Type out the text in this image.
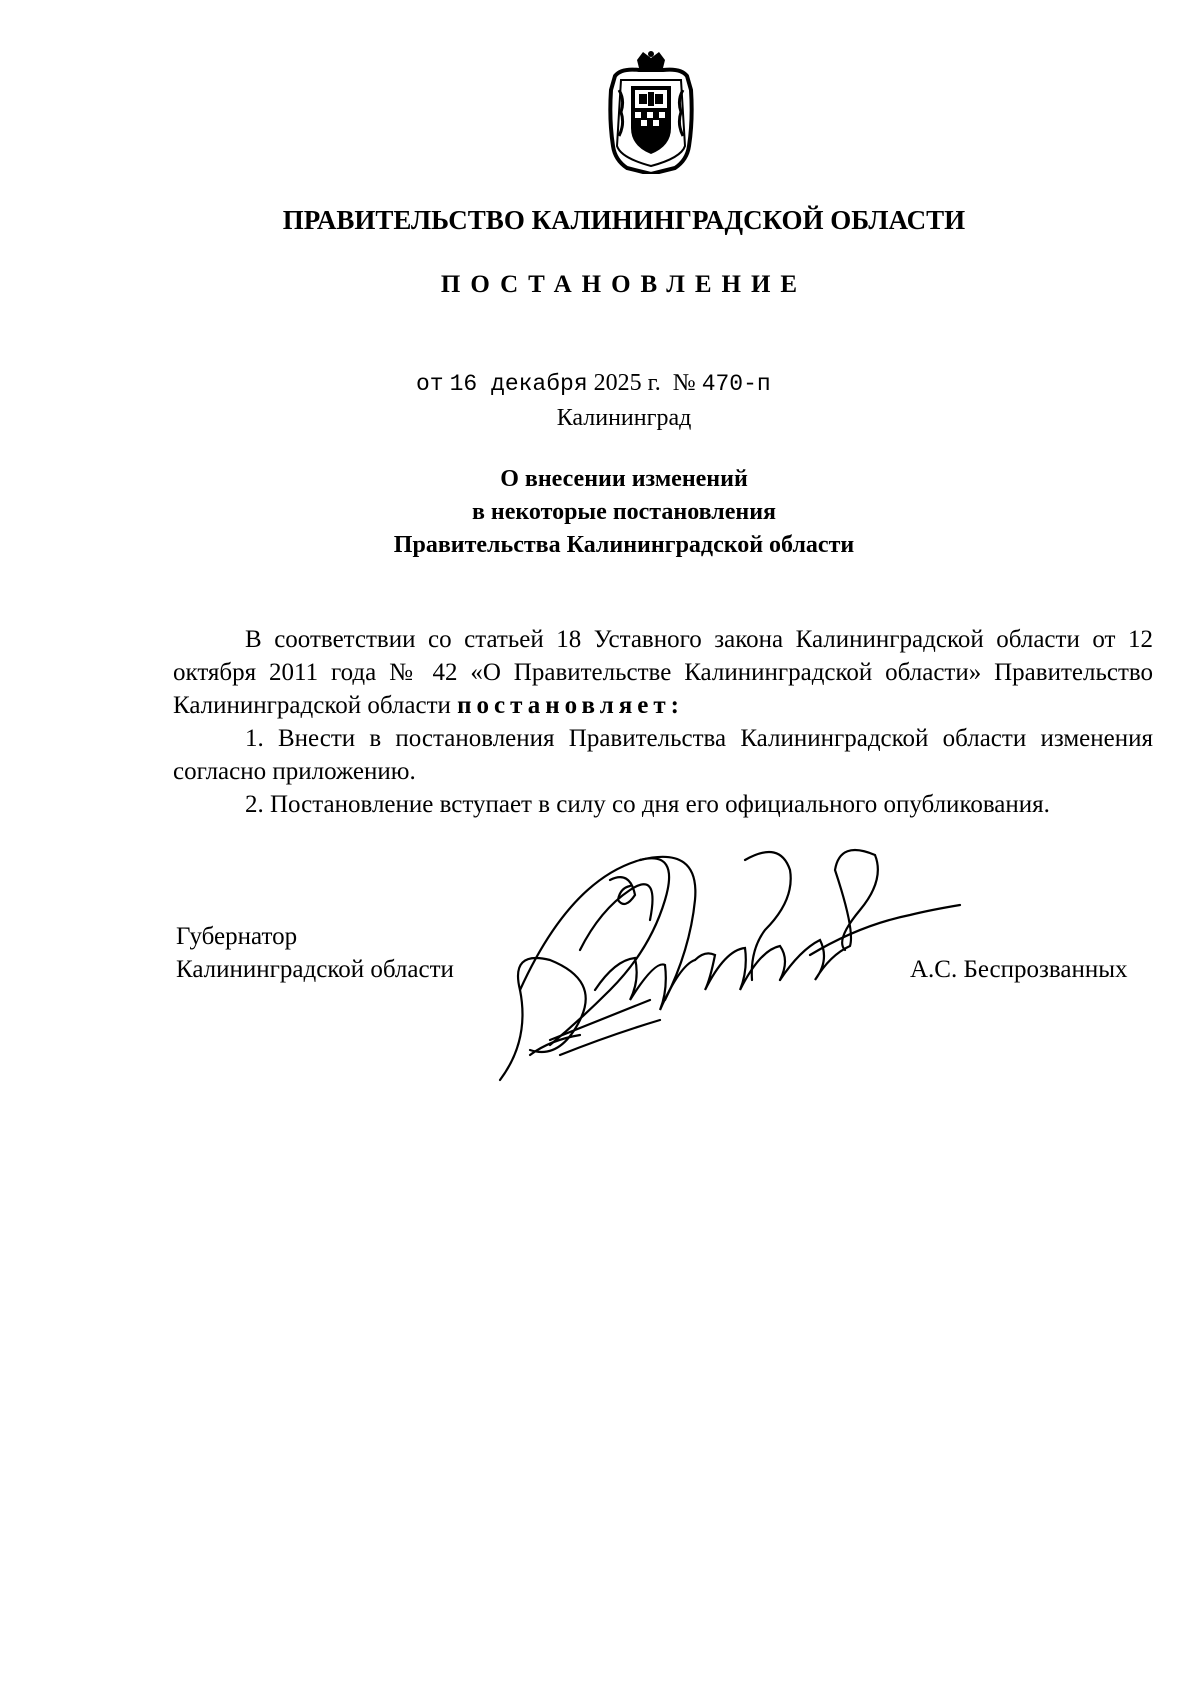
ПРАВИТЕЛЬСТВО КАЛИНИНГРАДСКОЙ ОБЛАСТИ
ПОСТАНОВЛЕНИЕ
от 16 декабря 2025 г. № 470-п
Калининград
О внесении изменений
в некоторые постановления
Правительства Калининградской области

В соответствии со статьей 18 Уставного закона Калининградской области от 12 октября 2011 года № 42 «О Правительстве Калининградской области» Правительство Калининградской области постановляет:

1. Внести в постановления Правительства Калининградской области изменения согласно приложению.

2. Постановление вступает в силу со дня его официального опубликования.

Губернатор
Калининградской области	А.С. Беспрозванных
